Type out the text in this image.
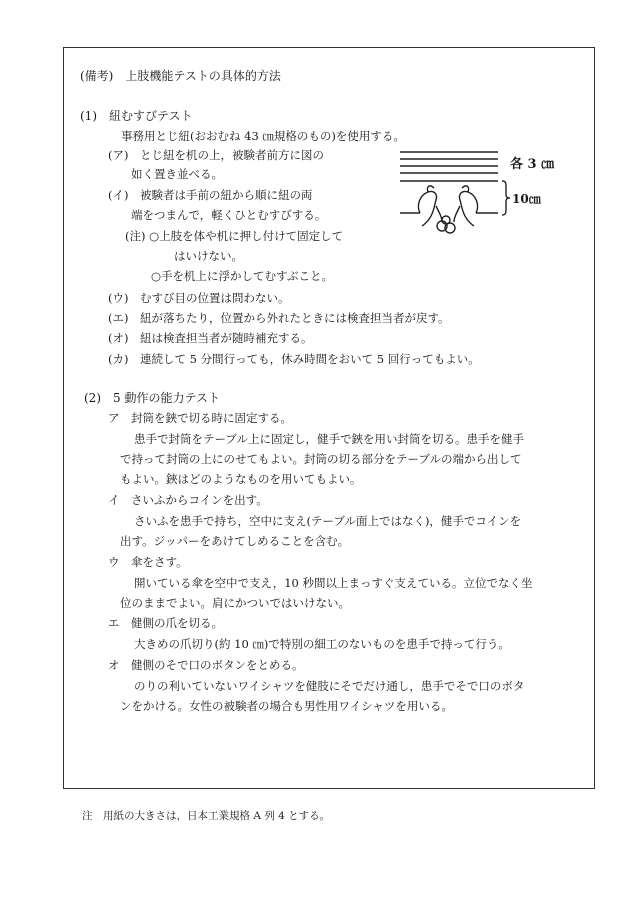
(備考)　上肢機能テストの具体的方法
(1)　紐むすびテスト
事務用とじ紐(おおむね 43 ㎝規格のもの)を使用する。
(ア)　とじ紐を机の上，被験者前方に図の
如く置き並べる。
(イ)　被験者は手前の紐から順に紐の両
端をつまんで，軽くひとむすびする。
(注) ○上肢を体や机に押し付けて固定して
はいけない。
○手を机上に浮かしてむすぶこと。
(ウ)　むすび目の位置は問わない。
(エ)　紐が落ちたり，位置から外れたときには検査担当者が戻す。
(オ)　紐は検査担当者が随時補充する。
(カ)　連続して 5 分間行っても，休み時間をおいて 5 回行ってもよい。
各 3 ㎝
10㎝
(2)　5 動作の能力テスト
ア　封筒を鋏で切る時に固定する。
患手で封筒をテーブル上に固定し，健手で鋏を用い封筒を切る。患手を健手
で持って封筒の上にのせてもよい。封筒の切る部分をテーブルの端から出して
もよい。鋏はどのようなものを用いてもよい。
イ　さいふからコインを出す。
さいふを患手で持ち，空中に支え(テーブル面上ではなく)，健手でコインを
出す。ジッパーをあけてしめることを含む。
ウ　傘をさす。
開いている傘を空中で支え，10 秒間以上まっすぐ支えている。立位でなく坐
位のままでよい。肩にかついではいけない。
エ　健側の爪を切る。
大きめの爪切り(約 10 ㎝)で特別の細工のないものを患手で持って行う。
オ　健側のそで口のボタンをとめる。
のりの利いていないワイシャツを健肢にそでだけ通し，患手でそで口のボタ
ンをかける。女性の被験者の場合も男性用ワイシャツを用いる。
注　用紙の大きさは，日本工業規格 A 列 4 とする。
